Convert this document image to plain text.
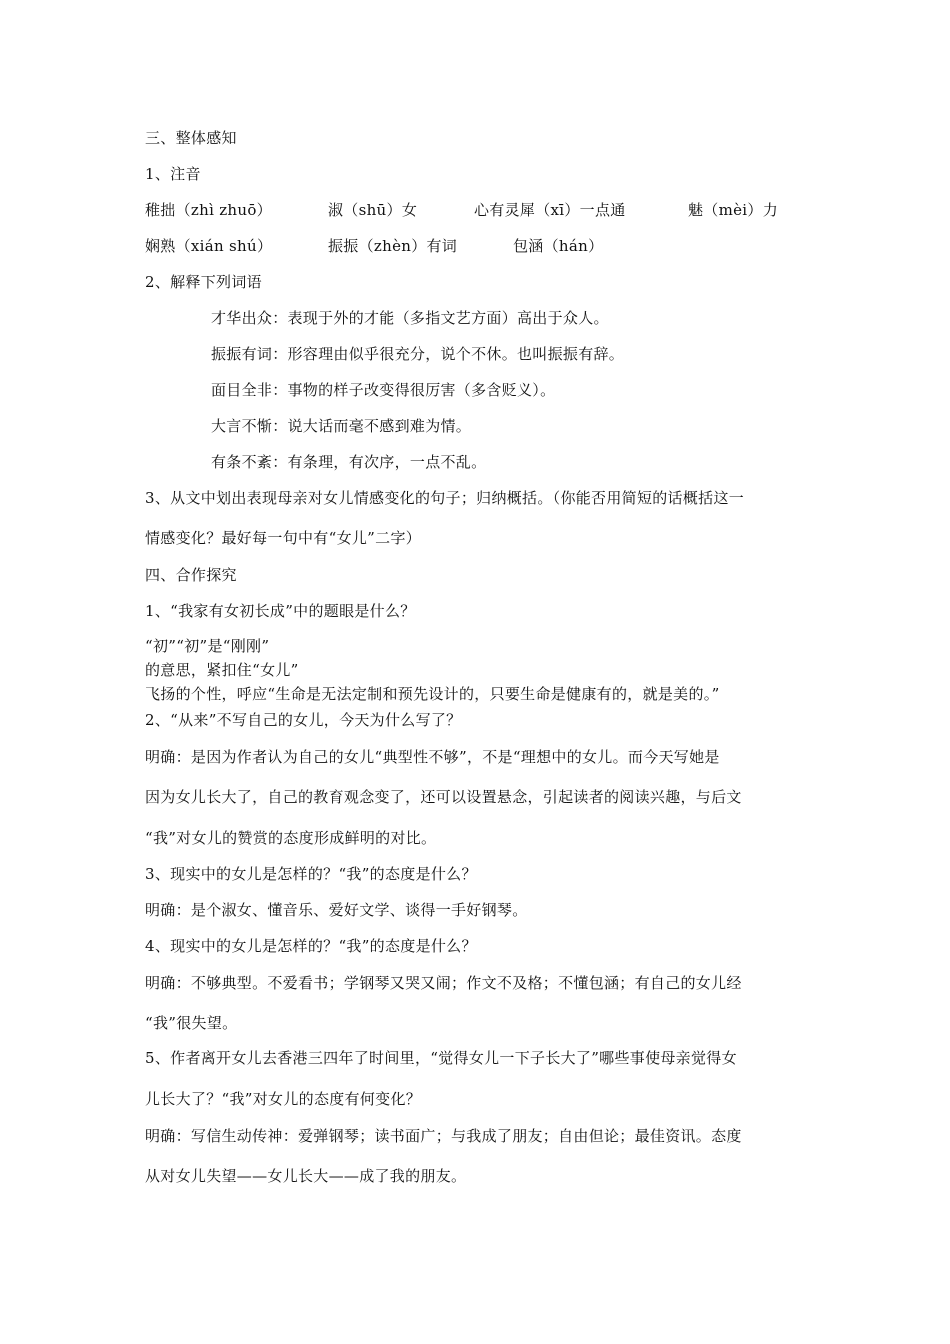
三、整体感知
1、注音
稚拙（zhì zhuō）	淑（shū）女	心有灵犀（xī）一点通	魅（mèi）力
娴熟（xián shú）	振振（zhèn）有词	包涵（hán）
2、解释下列词语
才华出众：表现于外的才能（多指文艺方面）高出于众人。
振振有词：形容理由似乎很充分，说个不休。也叫振振有辞。
面目全非：事物的样子改变得很厉害（多含贬义）。
大言不惭：说大话而毫不感到难为情。
有条不紊：有条理，有次序，一点不乱。
3、从文中划出表现母亲对女儿情感变化的句子；归纳概括。（你能否用简短的话概括这一
情感变化？最好每一句中有“女儿”二字）
四、合作探究
1、“我家有女初长成”中的题眼是什么？
“初”“初”是“刚刚”
的意思，紧扣住“女儿”
飞扬的个性，呼应“生命是无法定制和预先设计的，只要生命是健康有的，就是美的。”
2、“从来”不写自己的女儿，今天为什么写了？
明确：是因为作者认为自己的女儿“典型性不够”，不是“理想中的女儿。而今天写她是
因为女儿长大了，自己的教育观念变了，还可以设置悬念，引起读者的阅读兴趣，与后文
“我”对女儿的赞赏的态度形成鲜明的对比。
3、现实中的女儿是怎样的？“我”的态度是什么？
明确：是个淑女、懂音乐、爱好文学、谈得一手好钢琴。
4、现实中的女儿是怎样的？“我”的态度是什么？
明确：不够典型。不爱看书；学钢琴又哭又闹；作文不及格；不懂包涵；有自己的女儿经
“我”很失望。
5、作者离开女儿去香港三四年了时间里，“觉得女儿一下子长大了”哪些事使母亲觉得女
儿长大了？“我”对女儿的态度有何变化？
明确：写信生动传神：爱弹钢琴；读书面广；与我成了朋友；自由但论；最佳资讯。态度
从对女儿失望——女儿长大——成了我的朋友。
